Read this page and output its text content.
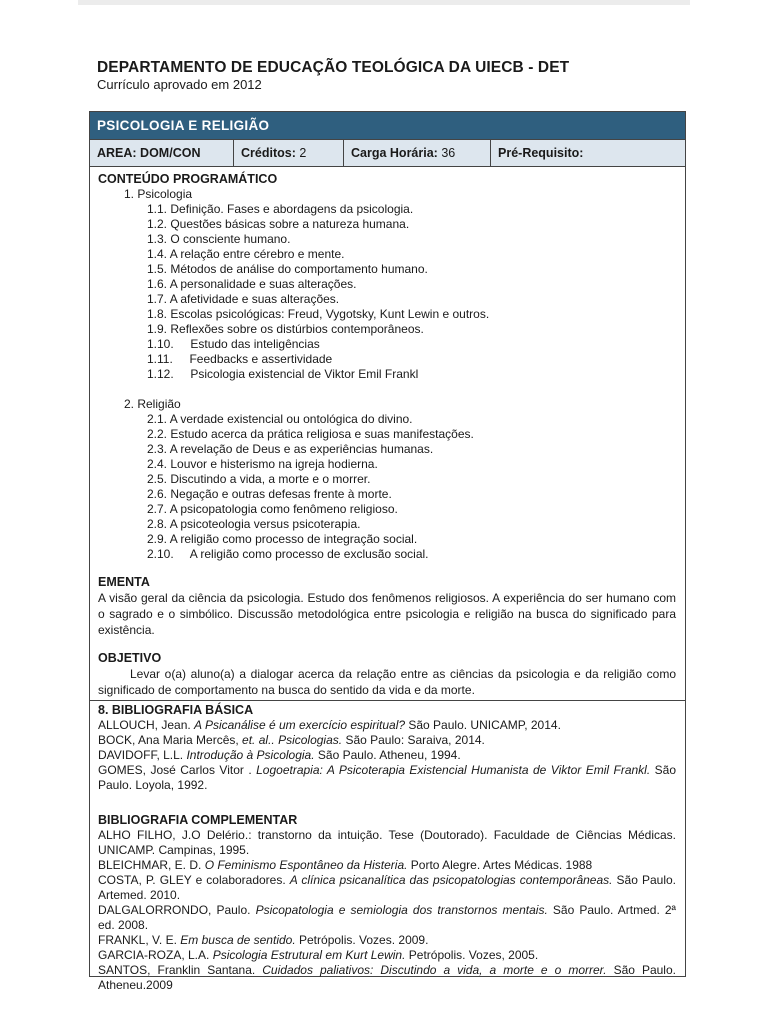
DEPARTAMENTO DE EDUCAÇÃO TEOLÓGICA DA UIECB - DET
Currículo aprovado em 2012
PSICOLOGIA E RELIGIÃO
AREA: DOM/CON	Créditos: 2	Carga Horária: 36	Pré-Requisito:
CONTEÚDO PROGRAMÁTICO
1. Psicologia
1.1. Definição. Fases e abordagens da psicologia.
1.2. Questões básicas sobre a natureza humana.
1.3. O consciente humano.
1.4. A relação entre cérebro e mente.
1.5. Métodos de análise do comportamento humano.
1.6. A personalidade e suas alterações.
1.7. A afetividade e suas alterações.
1.8. Escolas psicológicas: Freud, Vygotsky, Kunt Lewin e outros.
1.9. Reflexões sobre os distúrbios contemporâneos.
1.10.     Estudo das inteligências
1.11.     Feedbacks e assertividade
1.12.     Psicologia existencial de Viktor Emil Frankl
2. Religião
2.1. A verdade existencial ou ontológica do divino.
2.2. Estudo acerca da prática religiosa e suas manifestações.
2.3. A revelação de Deus e as experiências humanas.
2.4. Louvor e histerismo na igreja hodierna.
2.5. Discutindo a vida, a morte e o morrer.
2.6. Negação e outras defesas frente à morte.
2.7. A psicopatologia como fenômeno religioso.
2.8. A psicoteologia versus psicoterapia.
2.9. A religião como processo de integração social.
2.10.     A religião como processo de exclusão social.
EMENTA
A visão geral da ciência da psicologia. Estudo dos fenômenos religiosos. A experiência do ser humano com o sagrado e o simbólico. Discussão metodológica entre psicologia e religião na busca do significado para existência.
OBJETIVO
Levar o(a) aluno(a) a dialogar acerca da relação entre as ciências da psicologia e da religião como significado de comportamento na busca do sentido da vida e da morte.
8. BIBLIOGRAFIA BÁSICA
ALLOUCH, Jean. A Psicanálise é um exercício espiritual? São Paulo. UNICAMP, 2014.
BOCK, Ana Maria Mercês, et. al.. Psicologias. São Paulo: Saraiva, 2014.
DAVIDOFF, L.L. Introdução à Psicologia. São Paulo. Atheneu, 1994.
GOMES, José Carlos Vitor . Logoetrapia: A Psicoterapia Existencial Humanista de Viktor Emil Frankl. São Paulo. Loyola, 1992.
BIBLIOGRAFIA COMPLEMENTAR
ALHO FILHO, J.O Delério.: transtorno da intuição. Tese (Doutorado). Faculdade de Ciências Médicas. UNICAMP. Campinas, 1995.
BLEICHMAR, E. D. O Feminismo Espontâneo da Histeria. Porto Alegre. Artes Médicas. 1988
COSTA, P. GLEY e colaboradores. A clínica psicanalítica das psicopatologias contemporâneas. São Paulo. Artemed. 2010.
DALGALORRONDO, Paulo. Psicopatologia e semiologia dos transtornos mentais. São Paulo. Artmed. 2ª ed. 2008.
FRANKL, V. E. Em busca de sentido. Petrópolis. Vozes. 2009.
GARCIA-ROZA, L.A. Psicologia Estrutural em Kurt Lewin. Petrópolis. Vozes, 2005.
SANTOS, Franklin Santana. Cuidados paliativos: Discutindo a vida, a morte e o morrer. São Paulo. Atheneu.2009
